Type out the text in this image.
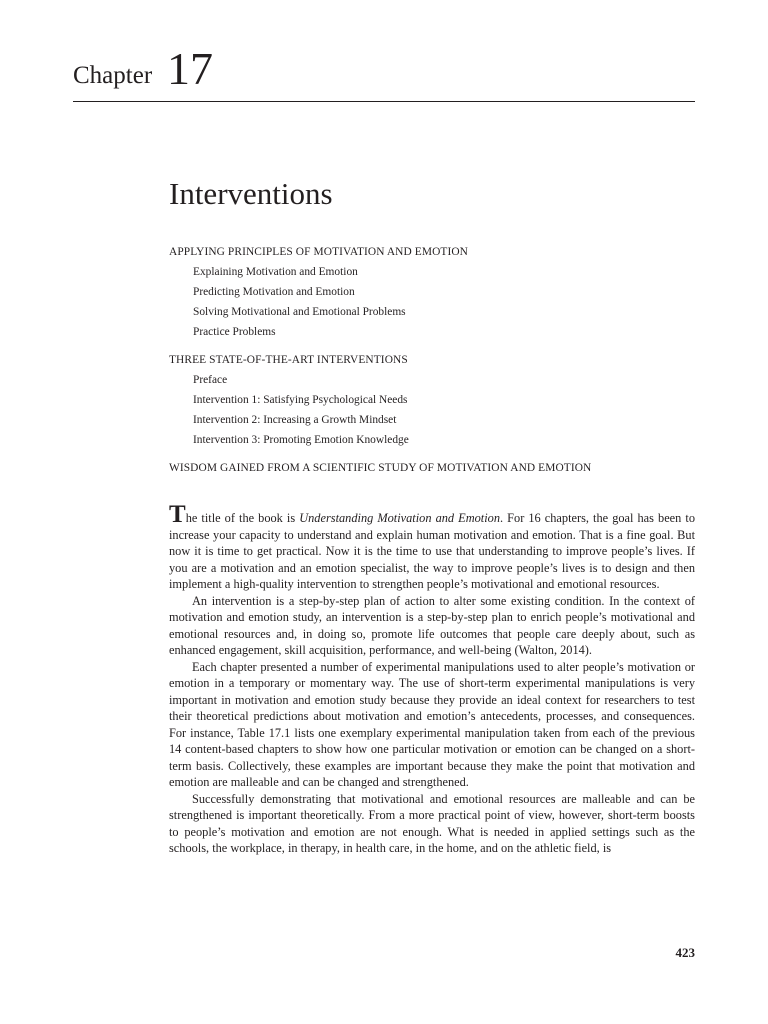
Chapter 17
Interventions
APPLYING PRINCIPLES OF MOTIVATION AND EMOTION
Explaining Motivation and Emotion
Predicting Motivation and Emotion
Solving Motivational and Emotional Problems
Practice Problems
THREE STATE-OF-THE-ART INTERVENTIONS
Preface
Intervention 1: Satisfying Psychological Needs
Intervention 2: Increasing a Growth Mindset
Intervention 3: Promoting Emotion Knowledge
WISDOM GAINED FROM A SCIENTIFIC STUDY OF MOTIVATION AND EMOTION

The title of the book is Understanding Motivation and Emotion. For 16 chapters, the goal has been to increase your capacity to understand and explain human motivation and emotion. That is a fine goal. But now it is time to get practical. Now it is the time to use that understanding to improve people’s lives. If you are a motivation and an emotion specialist, the way to improve people’s lives is to design and then implement a high-quality intervention to strengthen people’s motivational and emotional resources.

An intervention is a step-by-step plan of action to alter some existing condition. In the context of motivation and emotion study, an intervention is a step-by-step plan to enrich people’s motivational and emotional resources and, in doing so, promote life outcomes that people care deeply about, such as enhanced engagement, skill acquisition, performance, and well-being (Walton, 2014).

Each chapter presented a number of experimental manipulations used to alter people’s motivation or emotion in a temporary or momentary way. The use of short-term experimental manipulations is very important in motivation and emotion study because they provide an ideal context for researchers to test their theoretical predictions about motivation and emotion’s antecedents, processes, and consequences. For instance, Table 17.1 lists one exemplary experimental manipulation taken from each of the previous 14 content-based chapters to show how one particular motivation or emotion can be changed on a short-term basis. Collectively, these examples are important because they make the point that motivation and emotion are malleable and can be changed and strengthened.

Successfully demonstrating that motivational and emotional resources are malleable and can be strengthened is important theoretically. From a more practical point of view, however, short-term boosts to people’s motivation and emotion are not enough. What is needed in applied settings such as the schools, the workplace, in therapy, in health care, in the home, and on the athletic field, is

423
